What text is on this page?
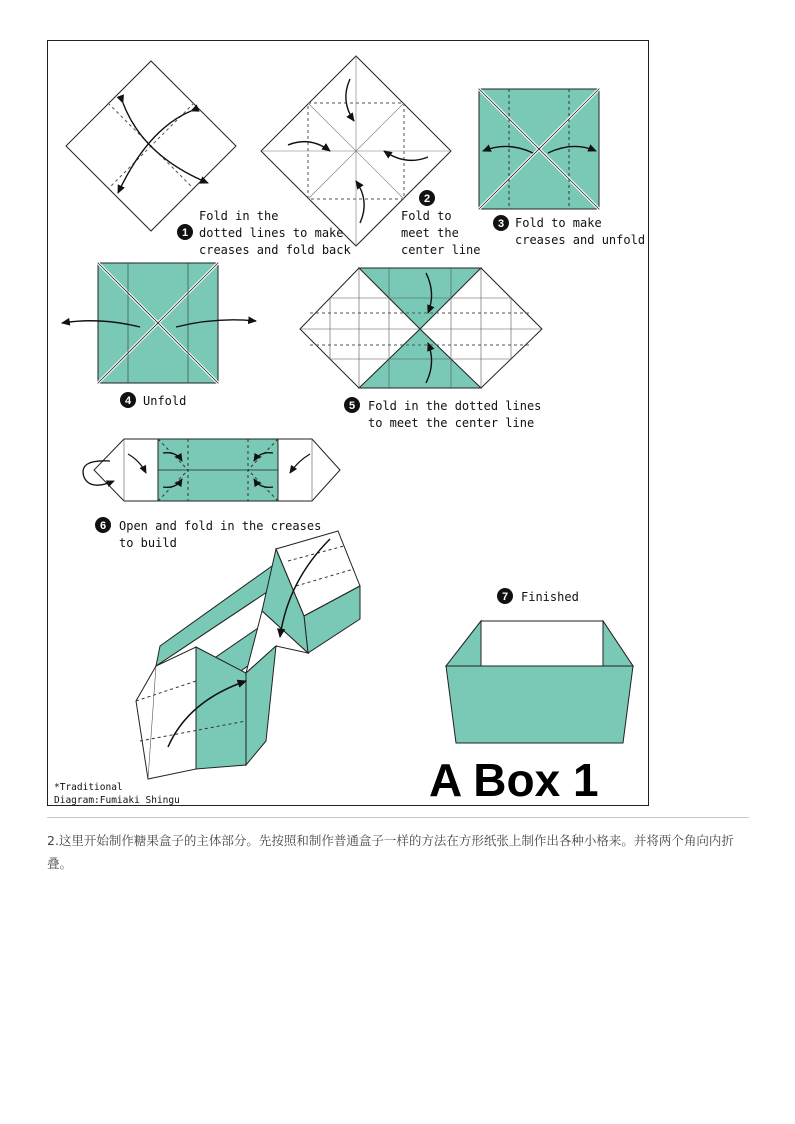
1
Fold in the
dotted lines to make
creases and fold back
2
Fold to
meet the
center line
3 Fold to make
creases and unfold
4 Unfold	5 Fold in the dotted lines
to meet the center line
6 Open and fold in the creases
to build
7 Finished
A Box 1
*Traditional
Diagram:Fumiaki Shingu
2.这里开始制作糖果盒子的主体部分。先按照和制作普通盒子一样的方法在方形纸张上制作出各种小格来。并将两个角向内折叠。
